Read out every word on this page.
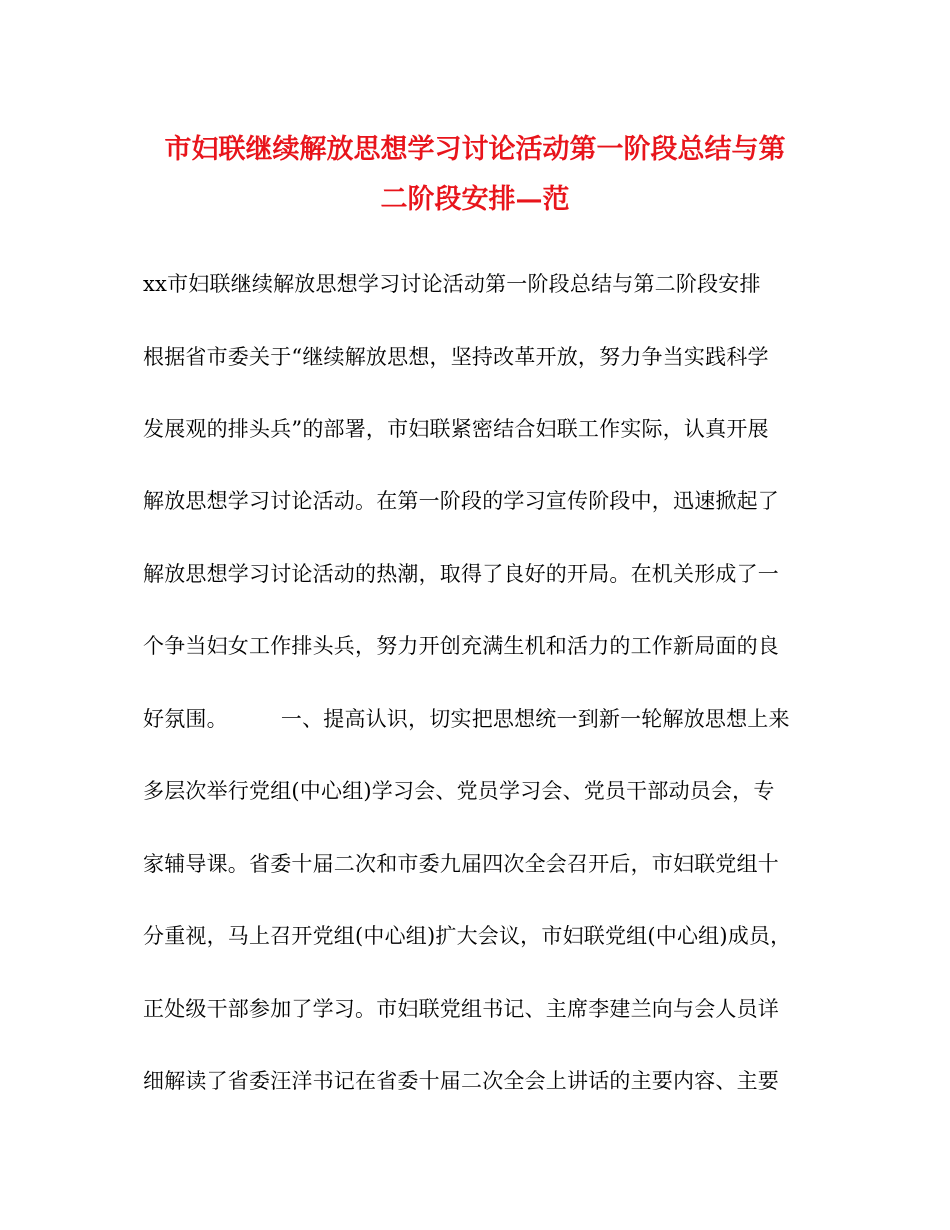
市妇联继续解放思想学习讨论活动第一阶段总结与第
二阶段安排—范
xx市妇联继续解放思想学习讨论活动第一阶段总结与第二阶段安排
根据省市委关于“继续解放思想，坚持改革开放，努力争当实践科学
发展观的排头兵”的部署，市妇联紧密结合妇联工作实际，认真开展
解放思想学习讨论活动。在第一阶段的学习宣传阶段中，迅速掀起了
解放思想学习讨论活动的热潮，取得了良好的开局。在机关形成了一
个争当妇女工作排头兵，努力开创充满生机和活力的工作新局面的良
好氛围。　　　一、提高认识，切实把思想统一到新一轮解放思想上来
多层次举行党组(中心组)学习会、党员学习会、党员干部动员会，专
家辅导课。省委十届二次和市委九届四次全会召开后，市妇联党组十
分重视，马上召开党组(中心组)扩大会议，市妇联党组(中心组)成员，
正处级干部参加了学习。市妇联党组书记、主席李建兰向与会人员详
细解读了省委汪洋书记在省委十届二次全会上讲话的主要内容、主要
